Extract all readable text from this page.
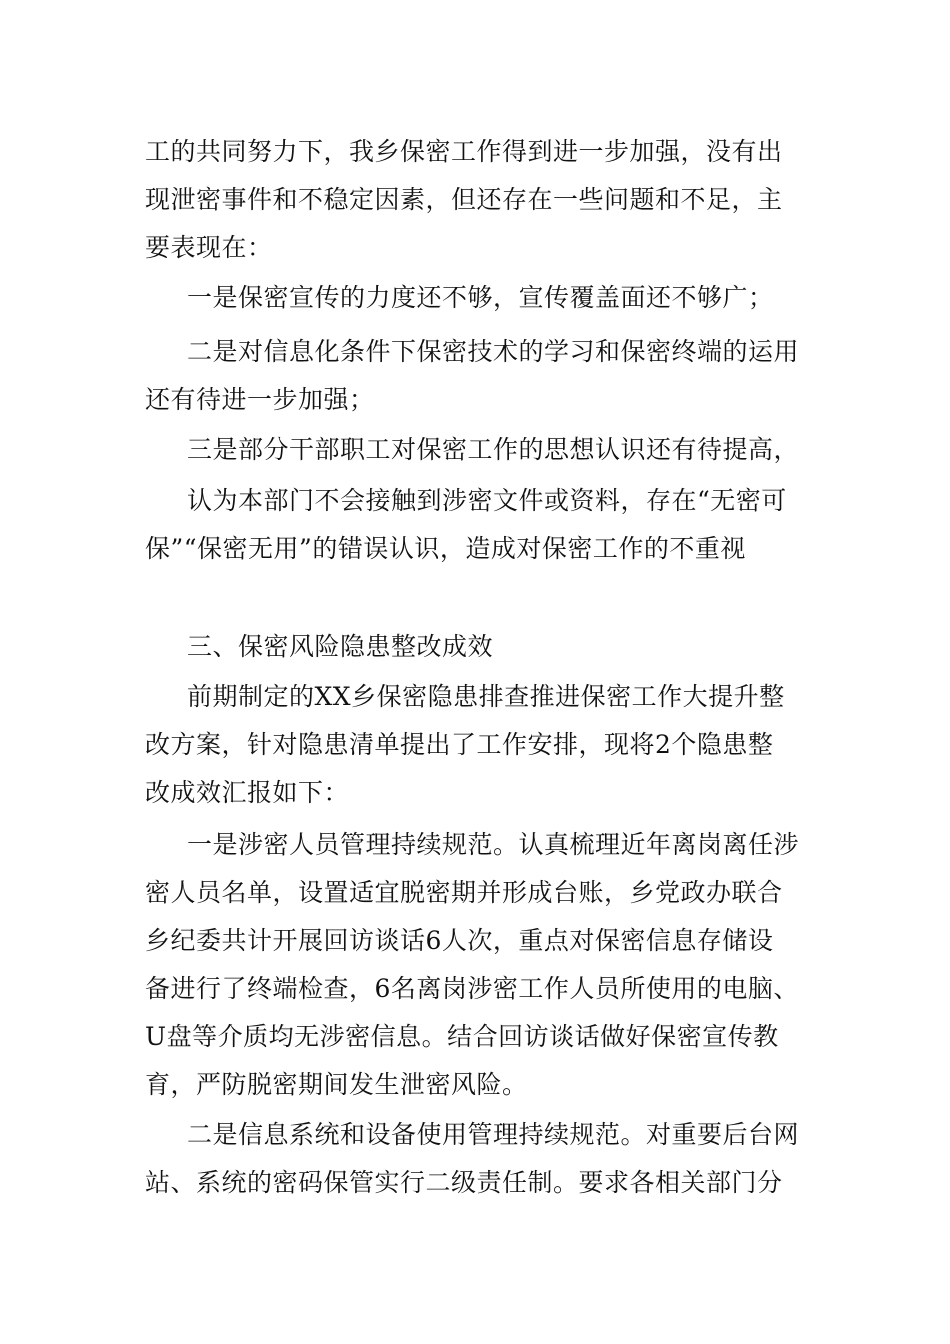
工的共同努力下，我乡保密工作得到进一步加强，没有出
现泄密事件和不稳定因素，但还存在一些问题和不足，主
要表现在：
一是保密宣传的力度还不够，宣传覆盖面还不够广；
二是对信息化条件下保密技术的学习和保密终端的运用
还有待进一步加强；
三是部分干部职工对保密工作的思想认识还有待提高，
认为本部门不会接触到涉密文件或资料，存在“无密可
保”“保密无用”的错误认识，造成对保密工作的不重视
三、保密风险隐患整改成效
前期制定的XX乡保密隐患排查推进保密工作大提升整
改方案，针对隐患清单提出了工作安排，现将2个隐患整
改成效汇报如下：
一是涉密人员管理持续规范。认真梳理近年离岗离任涉
密人员名单，设置适宜脱密期并形成台账，乡党政办联合
乡纪委共计开展回访谈话6人次，重点对保密信息存储设
备进行了终端检查，6名离岗涉密工作人员所使用的电脑、
U盘等介质均无涉密信息。结合回访谈话做好保密宣传教
育，严防脱密期间发生泄密风险。
二是信息系统和设备使用管理持续规范。对重要后台网
站、系统的密码保管实行二级责任制。要求各相关部门分
